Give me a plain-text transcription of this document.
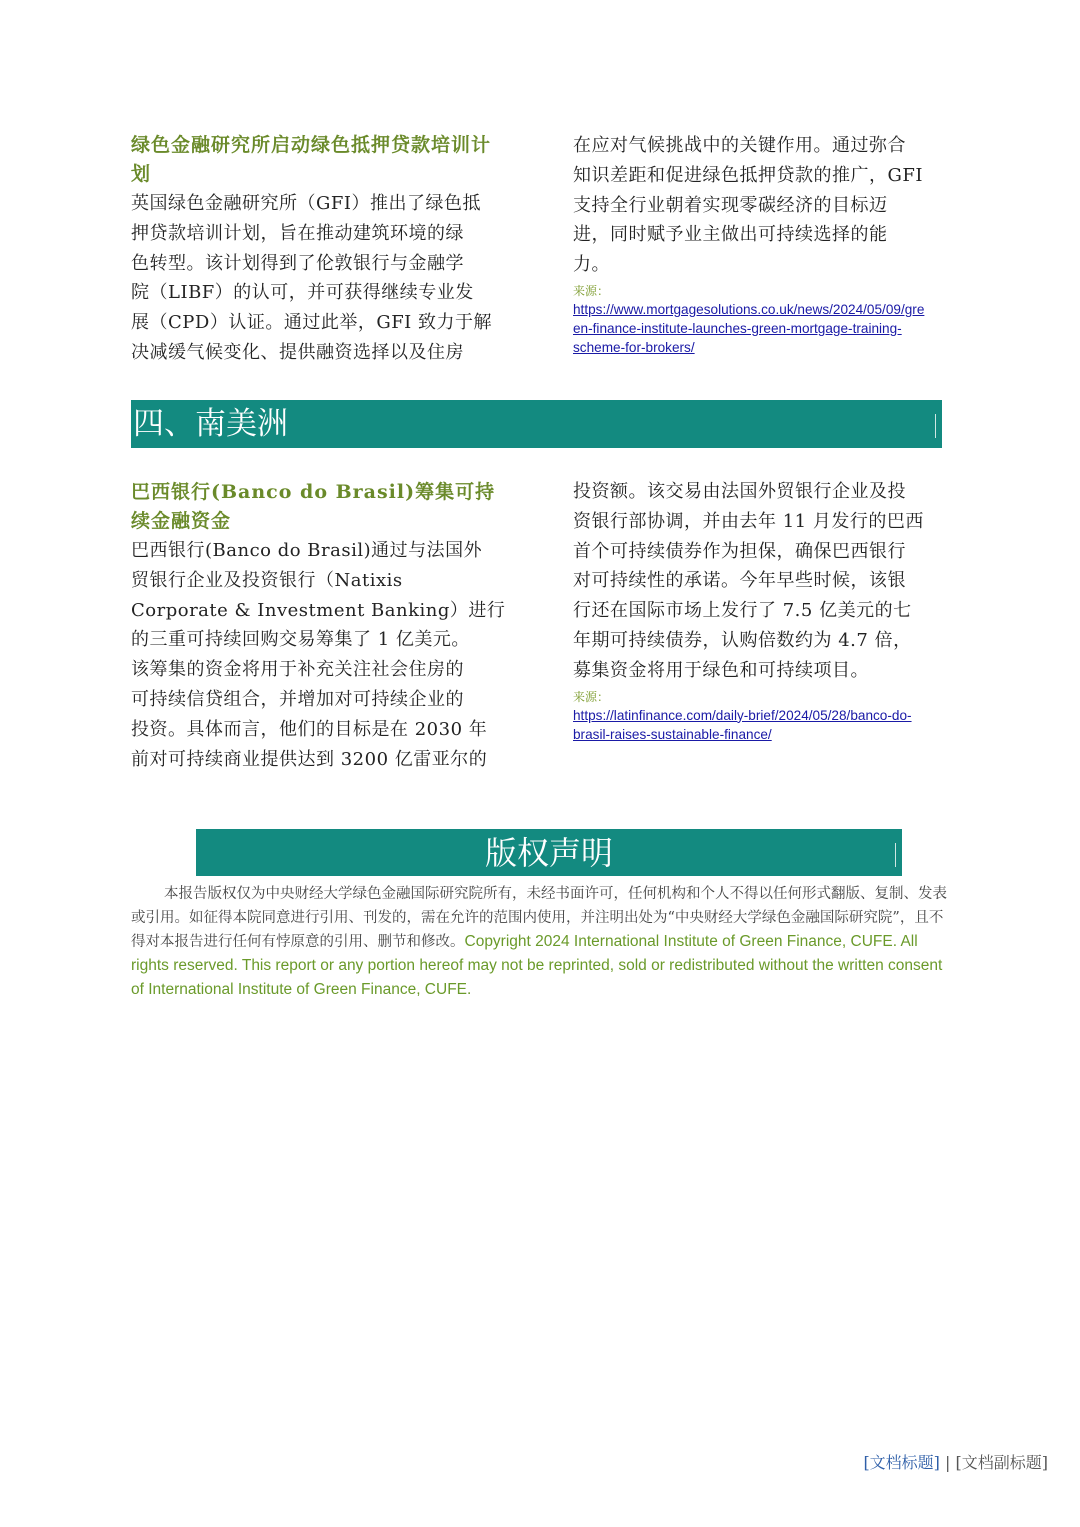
绿色金融研究所启动绿色抵押贷款培训计划

英国绿色金融研究所（GFI）推出了绿色抵
押贷款培训计划，旨在推动建筑环境的绿
色转型。该计划得到了伦敦银行与金融学
院（LIBF）的认可，并可获得继续专业发
展（CPD）认证。通过此举，GFI 致力于解
决减缓气候变化、提供融资选择以及住房

在应对气候挑战中的关键作用。通过弥合
知识差距和促进绿色抵押贷款的推广，GFI
支持全行业朝着实现零碳经济的目标迈
进，同时赋予业主做出可持续选择的能
力。

来源：

https://www.mortgagesolutions.co.uk/news/2024/05/09/gre
en-finance-institute-launches-green-mortgage-training-
scheme-for-brokers/
四、南美洲
巴西银行(Banco do Brasil)筹集可持续金融资金

巴西银行(Banco do Brasil)通过与法国外
贸银行企业及投资银行（Natixis
Corporate & Investment Banking）进行
的三重可持续回购交易筹集了 1 亿美元。
该筹集的资金将用于补充关注社会住房的
可持续信贷组合，并增加对可持续企业的
投资。具体而言，他们的目标是在 2030 年
前对可持续商业提供达到 3200 亿雷亚尔的

投资额。该交易由法国外贸银行企业及投
资银行部协调，并由去年 11 月发行的巴西
首个可持续债券作为担保，确保巴西银行
对可持续性的承诺。今年早些时候，该银
行还在国际市场上发行了 7.5 亿美元的七
年期可持续债券，认购倍数约为 4.7 倍，
募集资金将用于绿色和可持续项目。

来源：

https://latinfinance.com/daily-brief/2024/05/28/banco-do-
brasil-raises-sustainable-finance/
版权声明

本报告版权仅为中央财经大学绿色金融国际研究院所有，未经书面许可，任何机构和个人不得以任何形式翻版、复制、发表或引用。如征得本院同意进行引用、刊发的，需在允许的范围内使用，并注明出处为“中央财经大学绿色金融国际研究院”，且不得对本报告进行任何有悖原意的引用、删节和修改。Copyright 2024 International Institute of Green Finance, CUFE. All rights reserved. This report or any portion hereof may not be reprinted, sold or redistributed without the written consent of International Institute of Green Finance, CUFE.

[文档标题] | [文档副标题]
